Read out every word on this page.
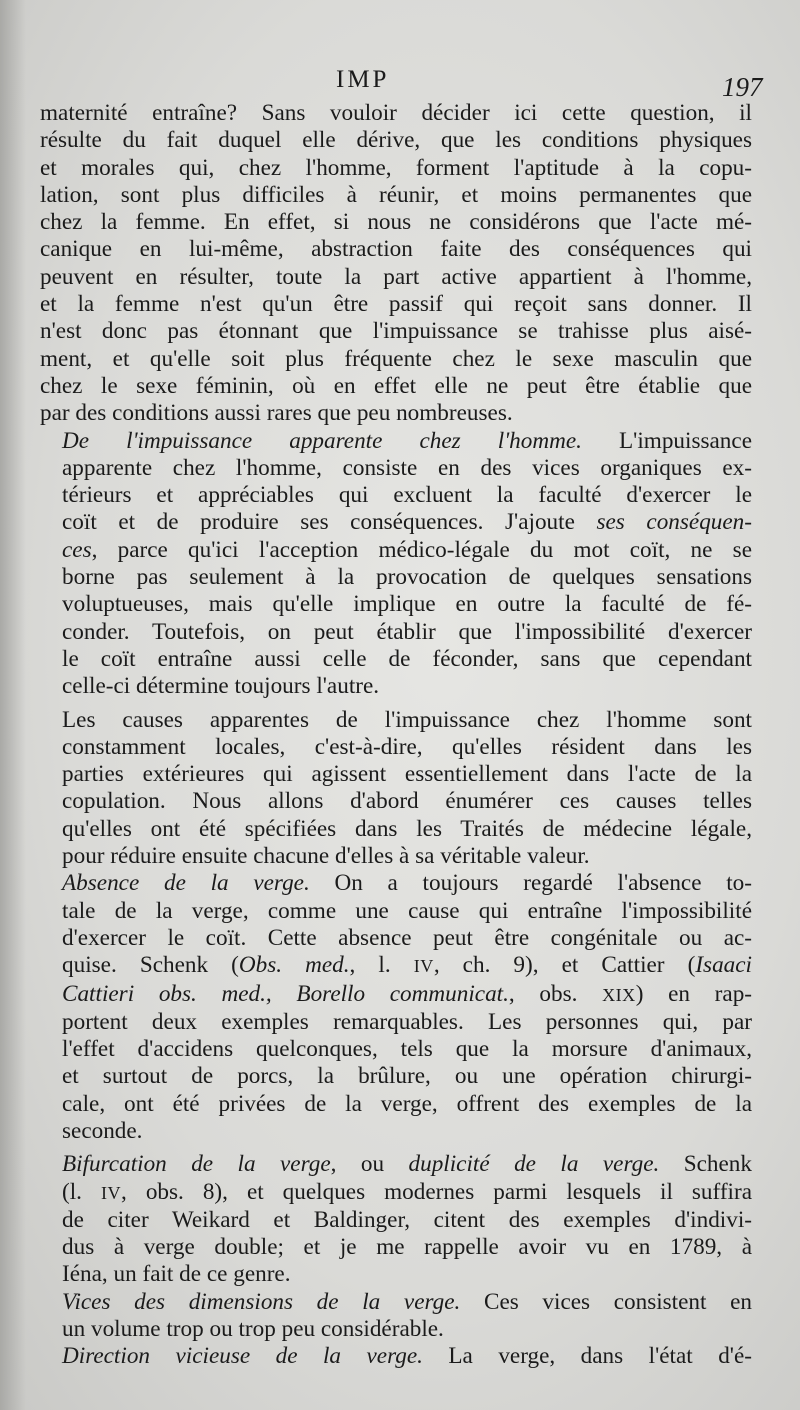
IMP	197

maternité entraîne? Sans vouloir décider ici cette question, il
résulte du fait duquel elle dérive, que les conditions physiques
et morales qui, chez l'homme, forment l'aptitude à la copu-
lation, sont plus difficiles à réunir, et moins permanentes que
chez la femme. En effet, si nous ne considérons que l'acte mé-
canique en lui-même, abstraction faite des conséquences qui
peuvent en résulter, toute la part active appartient à l'homme,
et la femme n'est qu'un être passif qui reçoit sans donner. Il
n'est donc pas étonnant que l'impuissance se trahisse plus aisé-
ment, et qu'elle soit plus fréquente chez le sexe masculin que
chez le sexe féminin, où en effet elle ne peut être établie que
par des conditions aussi rares que peu nombreuses.

De l'impuissance apparente chez l'homme. L'impuissance
apparente chez l'homme, consiste en des vices organiques ex-
térieurs et appréciables qui excluent la faculté d'exercer le
coït et de produire ses conséquences. J'ajoute ses conséquen-
ces, parce qu'ici l'acception médico-légale du mot coït, ne se
borne pas seulement à la provocation de quelques sensations
voluptueuses, mais qu'elle implique en outre la faculté de fé-
conder. Toutefois, on peut établir que l'impossibilité d'exercer
le coït entraîne aussi celle de féconder, sans que cependant
celle-ci détermine toujours l'autre.

Les causes apparentes de l'impuissance chez l'homme sont
constamment locales, c'est-à-dire, qu'elles résident dans les
parties extérieures qui agissent essentiellement dans l'acte de la
copulation. Nous allons d'abord énumérer ces causes telles
qu'elles ont été spécifiées dans les Traités de médecine légale,
pour réduire ensuite chacune d'elles à sa véritable valeur.

Absence de la verge. On a toujours regardé l'absence to-
tale de la verge, comme une cause qui entraîne l'impossibilité
d'exercer le coït. Cette absence peut être congénitale ou ac-
quise. Schenk (Obs. med., l. IV, ch. 9), et Cattier (Isaaci
Cattieri obs. med., Borello communicat., obs. XIX) en rap-
portent deux exemples remarquables. Les personnes qui, par
l'effet d'accidens quelconques, tels que la morsure d'animaux,
et surtout de porcs, la brûlure, ou une opération chirurgi-
cale, ont été privées de la verge, offrent des exemples de la
seconde.

Bifurcation de la verge, ou duplicité de la verge. Schenk
(l. IV, obs. 8), et quelques modernes parmi lesquels il suffira
de citer Weikard et Baldinger, citent des exemples d'indivi-
dus à verge double; et je me rappelle avoir vu en 1789, à
Iéna, un fait de ce genre.

Vices des dimensions de la verge. Ces vices consistent en
un volume trop ou trop peu considérable.

Direction vicieuse de la verge. La verge, dans l'état d'é-
